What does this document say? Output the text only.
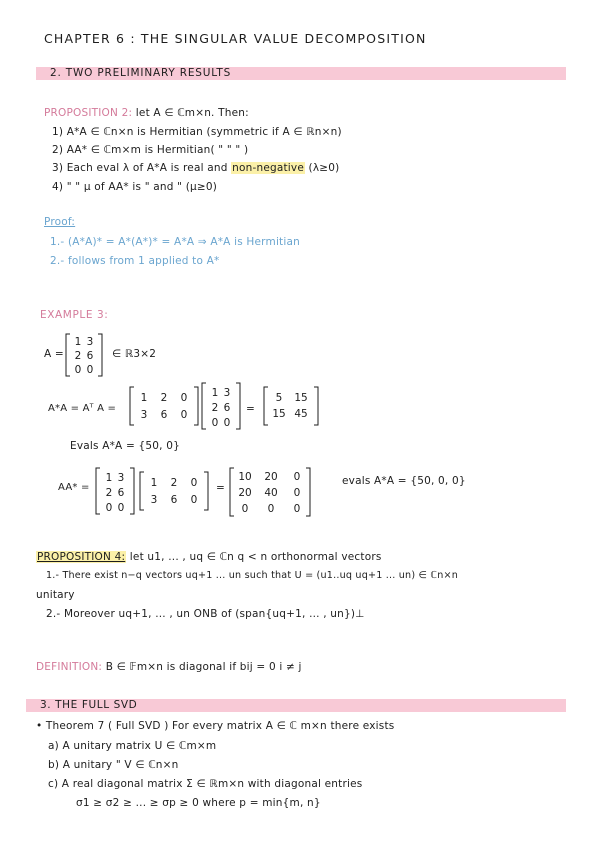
CHAPTER 6 : THE SINGULAR VALUE DECOMPOSITION
2. TWO PRELIMINARY RESULTS
PROPOSITION 2: let A ∈ ℂm×n. Then:
1) A*A ∈ ℂn×n is Hermitian (symmetric if A ∈ ℝn×n)
2) AA* ∈ ℂm×m is Hermitian( " " " )
3) Each eval λ of A*A is real and non-negative (λ≥0)
4) " " μ of AA* is " and " (μ≥0)
Proof:
1.- (A*A)* = A*(A*)* = A*A ⇒ A*A is Hermitian
2.- follows from 1 applied to A*
EXAMPLE 3:
A =
1 3
2 6
0 0
∈ ℝ3×2
A*A = Aᵀ A =
1 2 0
3 6 0
1 3
2 6
0 0
=
5 15
15 45
Evals A*A = {50, 0}
AA* =
1 3
2 6
0 0
1 2 0
3 6 0
=
10 20 0
20 40 0
0 0 0
evals A*A = {50, 0, 0}
PROPOSITION 4: let u1, ... , uq ∈ ℂn q < n orthonormal vectors
1.- There exist n−q vectors uq+1 ... un such that U = (u1..uq uq+1 ... un) ∈ ℂn×n
unitary
2.- Moreover uq+1, ... , un ONB of (span{uq+1, ... , un})⊥
DEFINITION: B ∈ 𝔽m×n is diagonal if bij = 0 i ≠ j
3. THE FULL SVD
• Theorem 7 ( Full SVD ) For every matrix A ∈ ℂ m×n there exists
a) A unitary matrix U ∈ ℂm×m
b) A unitary " V ∈ ℂn×n
c) A real diagonal matrix Σ ∈ ℝm×n with diagonal entries
σ1 ≥ σ2 ≥ ... ≥ σp ≥ 0 where p = min{m, n}
